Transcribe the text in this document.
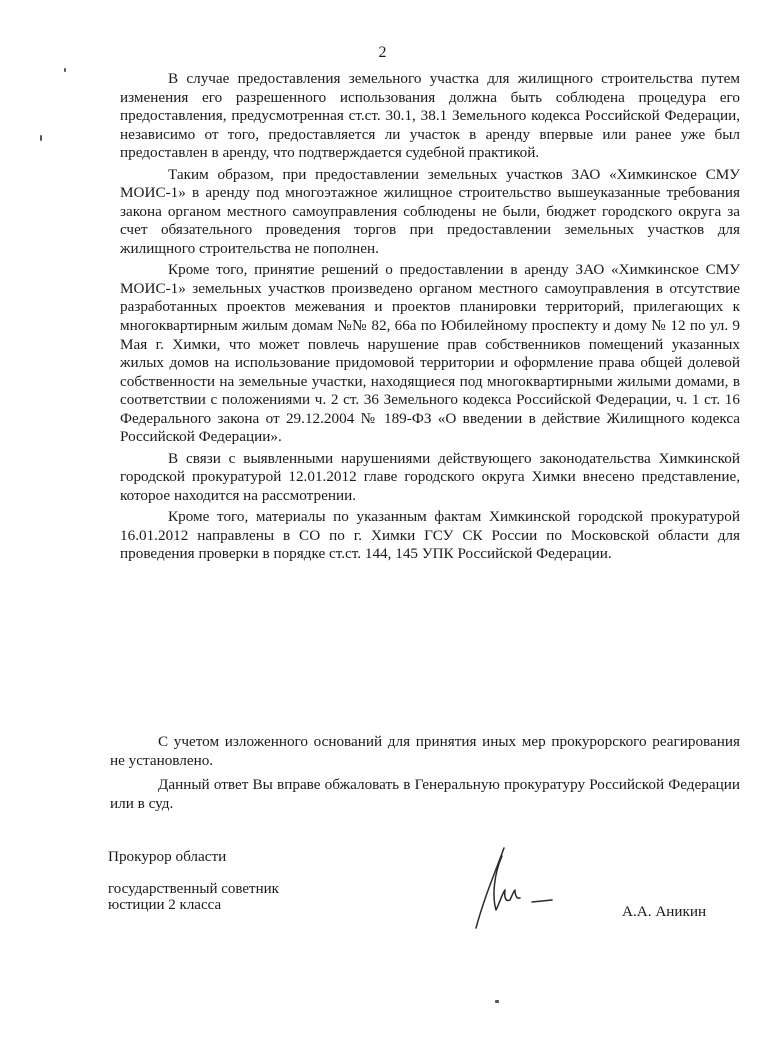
2

В случае предоставления земельного участка для жилищного строительства путем изменения его разрешенного использования должна быть соблюдена процедура его предоставления, предусмотренная ст.ст. 30.1, 38.1 Земельного кодекса Российской Федерации, независимо от того, предоставляется ли участок в аренду впервые или ранее уже был предоставлен в аренду, что подтверждается судебной практикой.

Таким образом, при предоставлении земельных участков ЗАО «Химкинское СМУ МОИС-1» в аренду под многоэтажное жилищное строительство вышеуказанные требования закона органом местного самоуправления соблюдены не были, бюджет городского округа за счет обязательного проведения торгов при предоставлении земельных участков для жилищного строительства не пополнен.

Кроме того, принятие решений о предоставлении в аренду ЗАО «Химкинское СМУ МОИС-1» земельных участков произведено органом местного самоуправления в отсутствие разработанных проектов межевания и проектов планировки территорий, прилегающих к многоквартирным жилым домам №№ 82, 66а по Юбилейному проспекту и дому № 12 по ул. 9 Мая г. Химки, что может повлечь нарушение прав собственников помещений указанных жилых домов на использование придомовой территории и оформление права общей долевой собственности на земельные участки, находящиеся под многоквартирными жилыми домами, в соответствии с положениями ч. 2 ст. 36 Земельного кодекса Российской Федерации, ч. 1 ст. 16 Федерального закона от 29.12.2004 № 189-ФЗ «О введении в действие Жилищного кодекса Российской Федерации».

В связи с выявленными нарушениями действующего законодательства Химкинской городской прокуратурой 12.01.2012 главе городского округа Химки внесено представление, которое находится на рассмотрении.

Кроме того, материалы по указанным фактам Химкинской городской прокуратурой 16.01.2012 направлены в СО по г. Химки ГСУ СК России по Московской области для проведения проверки в порядке ст.ст. 144, 145 УПК Российской Федерации.

С учетом изложенного оснований для принятия иных мер прокурорского реагирования не установлено.

Данный ответ Вы вправе обжаловать в Генеральную прокуратуру Российской Федерации или в суд.

Прокурор области
государственный советник
юстиции 2 класса	А.А. Аникин
